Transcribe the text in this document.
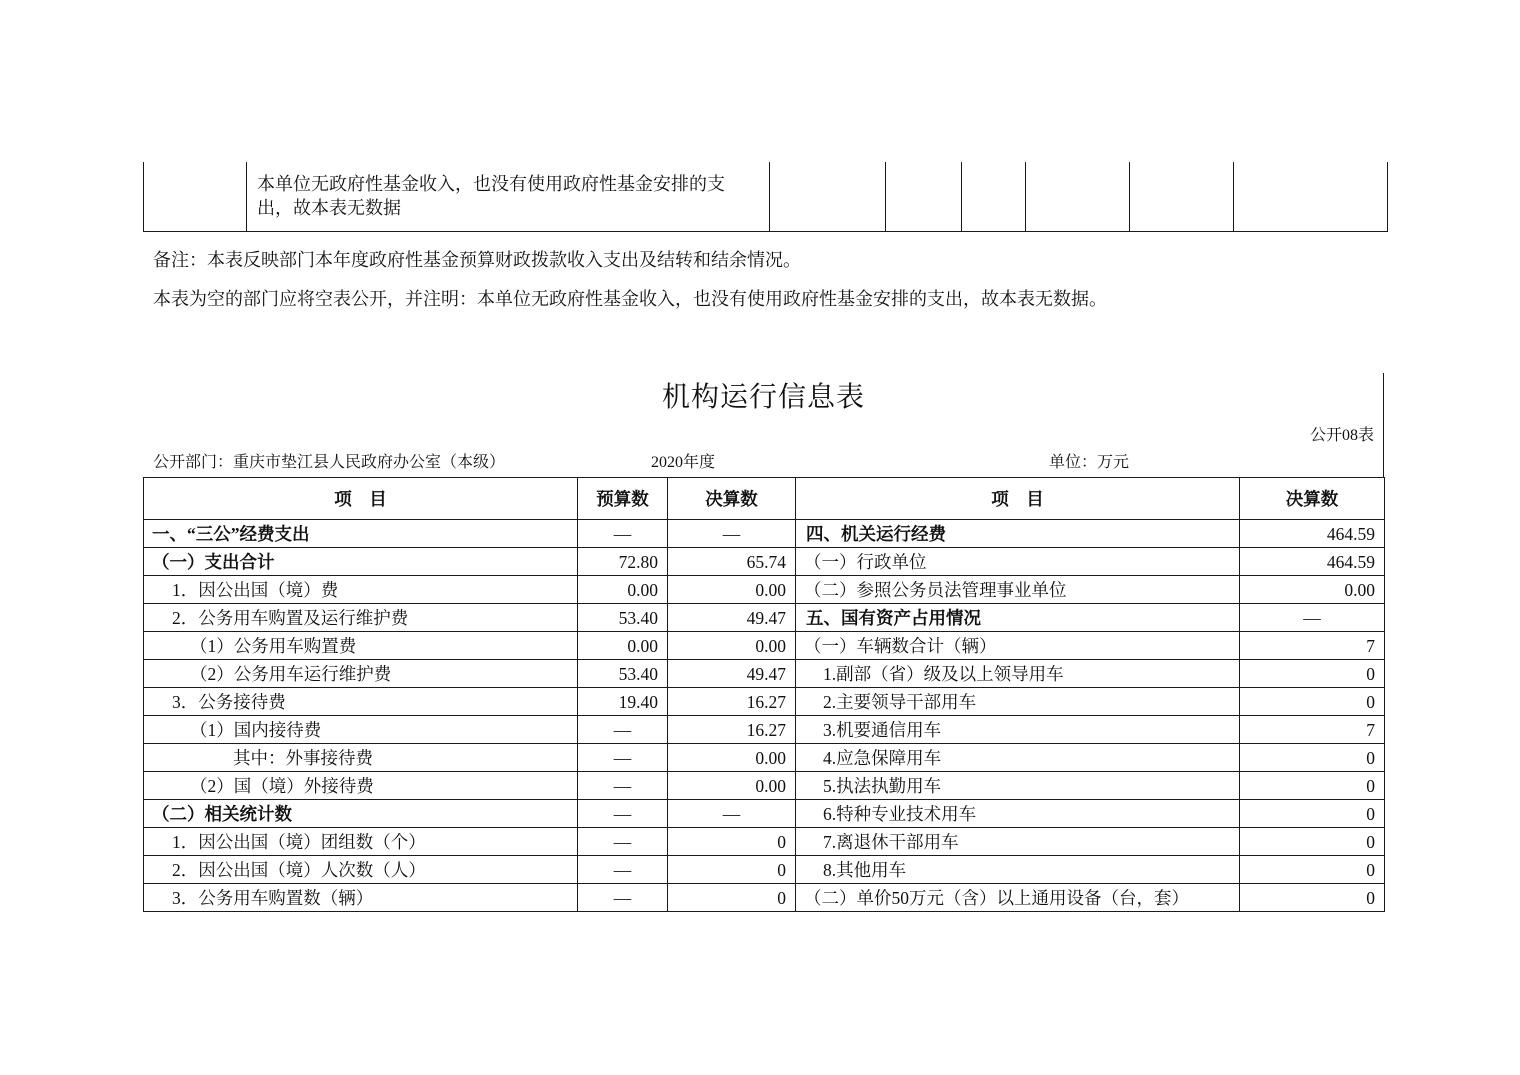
本单位无政府性基金收入，也没有使用政府性基金安排的支
出，故本表无数据

备注：本表反映部门本年度政府性基金预算财政拨款收入支出及结转和结余情况。
本表为空的部门应将空表公开，并注明：本单位无政府性基金收入，也没有使用政府性基金安排的支出，故本表无数据。
机构运行信息表
公开08表
公开部门：重庆市垫江县人民政府办公室（本级）	2020年度	单位：万元
项　目	预算数	决算数	项　目	决算数
一、“三公”经费支出	—	—	四、机关运行经费	464.59
（一）支出合计	72.80	65.74	（一）行政单位	464.59
1．因公出国（境）费	0.00	0.00	（二）参照公务员法管理事业单位	0.00
2．公务用车购置及运行维护费	53.40	49.47	五、国有资产占用情况	—
（1）公务用车购置费	0.00	0.00	（一）车辆数合计（辆）	7
（2）公务用车运行维护费	53.40	49.47	1.副部（省）级及以上领导用车	0
3．公务接待费	19.40	16.27	2.主要领导干部用车	0
（1）国内接待费	—	16.27	3.机要通信用车	7
其中：外事接待费	—	0.00	4.应急保障用车	0
（2）国（境）外接待费	—	0.00	5.执法执勤用车	0
（二）相关统计数	—	—	6.特种专业技术用车	0
1．因公出国（境）团组数（个）	—	0	7.离退休干部用车	0
2．因公出国（境）人次数（人）	—	0	8.其他用车	0
3．公务用车购置数（辆）	—	0	（二）单价50万元（含）以上通用设备（台，套）	0
